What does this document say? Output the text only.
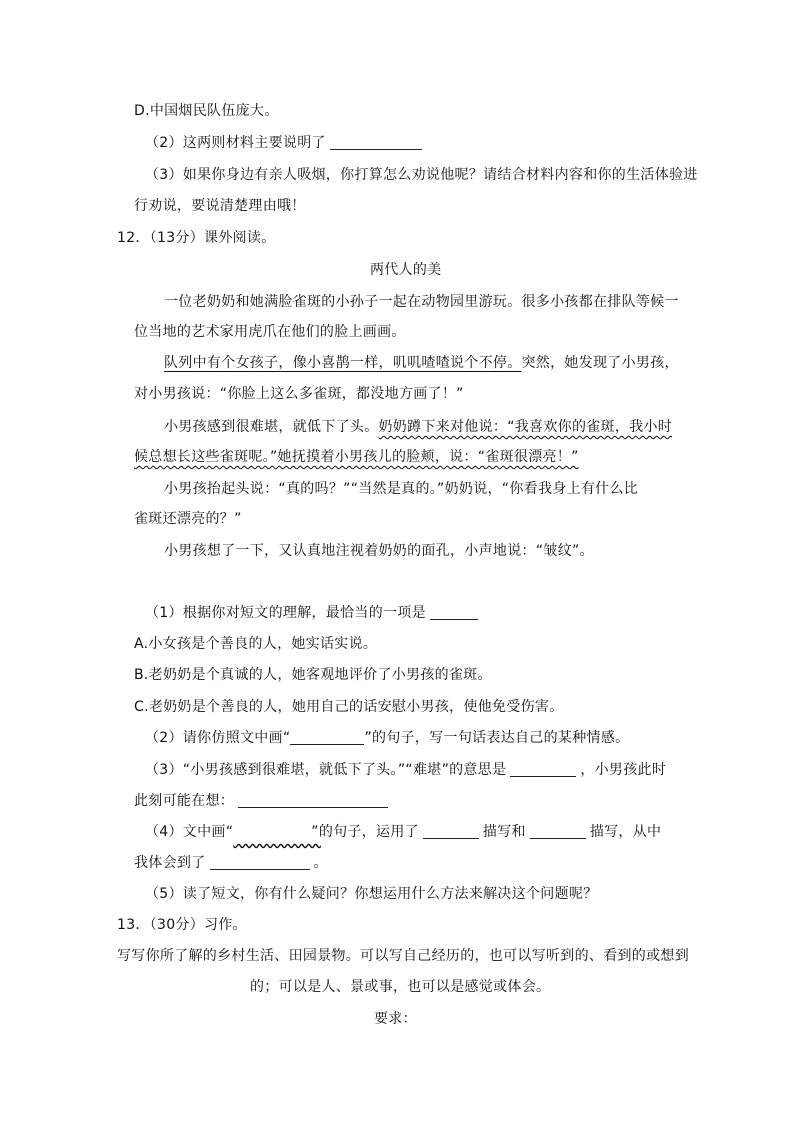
D.中国烟民队伍庞大。
（2）这两则材料主要说明了
（3）如果你身边有亲人吸烟，你打算怎么劝说他呢？请结合材料内容和你的生活体验进
行劝说，要说清楚理由哦！
12．（13分）课外阅读。
两代人的美
一位老奶奶和她满脸雀斑的小孙子一起在动物园里游玩。很多小孩都在排队等候一
位当地的艺术家用虎爪在他们的脸上画画。
队列中有个女孩子，像小喜鹊一样，叽叽喳喳说个不停。突然，她发现了小男孩，
对小男孩说：“你脸上这么多雀斑，都没地方画了！”
小男孩感到很难堪，就低下了头。奶奶蹲下来对他说：“我喜欢你的雀斑，我小时
候总想长这些雀斑呢。”她抚摸着小男孩儿的脸颊，说：“雀斑很漂亮！”
小男孩抬起头说：“真的吗？”“当然是真的。”奶奶说，“你看我身上有什么比
雀斑还漂亮的？”
小男孩想了一下，又认真地注视着奶奶的面孔，小声地说：“皱纹”。
（1）根据你对短文的理解，最恰当的一项是
A.小女孩是个善良的人，她实话实说。
B.老奶奶是个真诚的人，她客观地评价了小男孩的雀斑。
C.老奶奶是个善良的人，她用自己的话安慰小男孩，使他免受伤害。
（2）请你仿照文中画“	”的句子，写一句话表达自己的某种情感。
（3）“小男孩感到很难堪，就低下了头。”“难堪”的意思是	，小男孩此时
此刻可能在想：
（4）文中画“​            ”的句子，运用了	描写和	描写，从中
我体会到了	。
（5）读了短文，你有什么疑问？你想运用什么方法来解决这个问题呢？
13．（30分）习作。
写写你所了解的乡村生活、田园景物。可以写自己经历的，也可以写听到的、看到的或想到
的；可以是人、景或事，也可以是感觉或体会。
要求：
